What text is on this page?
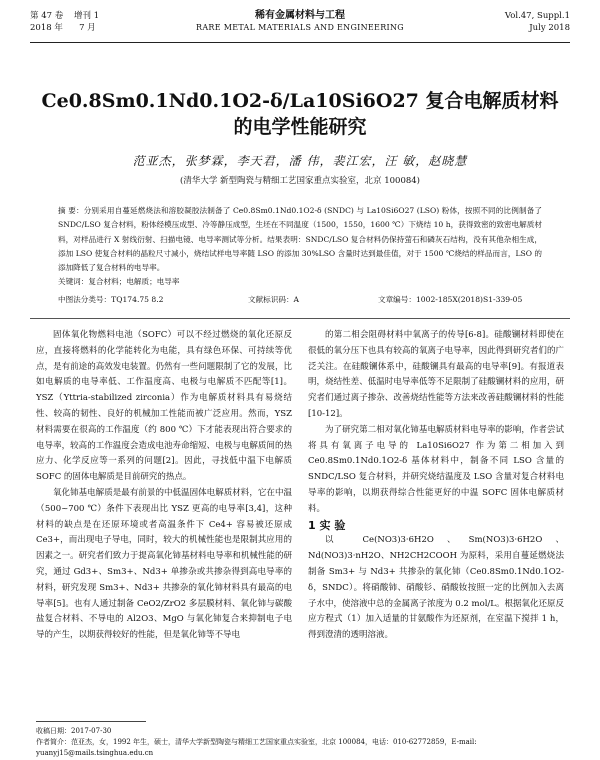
第 47 卷 增刊 1
2018 年 7 月
稀有金属材料与工程
RARE METAL MATERIALS AND ENGINEERING
Vol.47, Suppl.1
July 2018
Ce0.8Sm0.1Nd0.1O2-δ/La10Si6O27 复合电解质材料
的电学性能研究
范亚杰，张梦霖，李天君，潘 伟，裴江宏，汪 敏，赵晓慧
(清华大学 新型陶瓷与精细工艺国家重点实验室，北京 100084)
摘 要：分别采用自蔓延燃烧法和溶胶凝胶法制备了 Ce0.8Sm0.1Nd0.1O2-δ (SNDC) 与 La10Si6O27 (LSO) 粉体，按照不同的比例制备了 SNDC/LSO 复合材料，粉体经模压成型、冷等静压成型，生坯在不同温度（1500，1550，1600 ℃）下烧结 10 h，获得致密的致密电解质材料，对样品进行 X 射线衍射、扫描电镜、电导率测试等分析。结果表明：SNDC/LSO 复合材料仍保持萤石和磷灰石结构，没有其他杂相生成，添加 LSO 使复合材料的晶粒尺寸减小，烧结试样电导率随 LSO 的添加 30%LSO 含量时达到最佳值，对于 1500 ℃烧结的样品而言，LSO 的添加降低了复合材料的电导率。
关键词：复合材料；电解质；电导率
中图法分类号：TQ174.75 8.2	文献标识码：A	文章编号：1002-185X(2018)S1-339-05

固体氧化物燃料电池（SOFC）可以不经过燃烧的氧化还原反应，直接将燃料的化学能转化为电能，具有绿色环保、可持续等优点，是有前途的高效发电装置。仍然有一些问题限制了它的发展，比如电解质的电导率低、工作温度高、电极与电解质不匹配等[1]。YSZ（Yttria-stabilized zirconia）作为电解质材料具有易烧结性、较高的韧性、良好的机械加工性能而被广泛应用。然而，YSZ 材料需要在很高的工作温度（约 800 ℃）下才能表现出符合要求的电导率，较高的工作温度会造成电池寿命缩短、电极与电解质间的热应力、化学反应等一系列的问题[2]。因此，寻找低中温下电解质 SOFC 的固体电解质是目前研究的热点。

氧化铈基电解质是最有前景的中低温固体电解质材料，它在中温（500~700 ℃）条件下表现出比 YSZ 更高的电导率[3,4]，这种材料的缺点是在还原环境或者高温条件下 Ce4+ 容易被还原成 Ce3+，而出现电子导电，同时，较大的机械性能也是限制其应用的因素之一。研究者们致力于提高氧化铈基材料电导率和机械性能的研究，通过 Gd3+、Sm3+、Nd3+ 单掺杂或共掺杂得到高电导率的材料，研究发现 Sm3+、Nd3+ 共掺杂的氧化铈材料具有最高的电导率[5]。也有人通过制备 CeO2/ZrO2 多层膜材料、氧化铈与碳酸盐复合材料、不导电的 Al2O3、MgO 与氧化铈复合来抑制电子电导的产生，以期获得较好的性能，但是氧化铈等不导电

的第二相会阻碍材料中氧离子的传导[6-8]。硅酸镧材料即使在很低的氧分压下也具有较高的氧离子电导率，因此得到研究者们的广泛关注。在硅酸镧体系中，硅酸镧具有最高的电导率[9]。有报道表明，烧结性差、低温时电导率低等不足限制了硅酸镧材料的应用，研究者们通过离子掺杂、改善烧结性能等方法来改善硅酸镧材料的性能[10-12]。

为了研究第二相对氧化铈基电解质材料电导率的影响，作者尝试将具有氧离子电导的 La10Si6O27 作为第二相加入到 Ce0.8Sm0.1Nd0.1O2-δ 基体材料中，制备不同 LSO 含量的 SNDC/LSO 复合材料，并研究烧结温度及 LSO 含量对复合材料电导率的影响，以期获得综合性能更好的中温 SOFC 固体电解质材料。

1 实 验

以 Ce(NO3)3·6H2O、Sm(NO3)3·6H2O、Nd(NO3)3·nH2O、NH2CH2COOH 为原料，采用自蔓延燃烧法制备 Sm3+ 与 Nd3+ 共掺杂的氧化铈（Ce0.8Sm0.1Nd0.1O2-δ，SNDC）。将硝酸铈、硝酸钐、硝酸钕按照一定的比例加入去离子水中，使溶液中总的金属离子浓度为 0.2 mol/L。根据氧化还原反应方程式（1）加入适量的甘氨酸作为还原剂，在室温下搅拌 1 h，得到澄清的透明溶液。

收稿日期：2017-07-30
作者简介：范亚杰，女，1992 年生，硕士，清华大学新型陶瓷与精细工艺国家重点实验室，北京 100084，电话：010-62772859，E-mail: yuanyj15@mails.tsinghua.edu.cn
